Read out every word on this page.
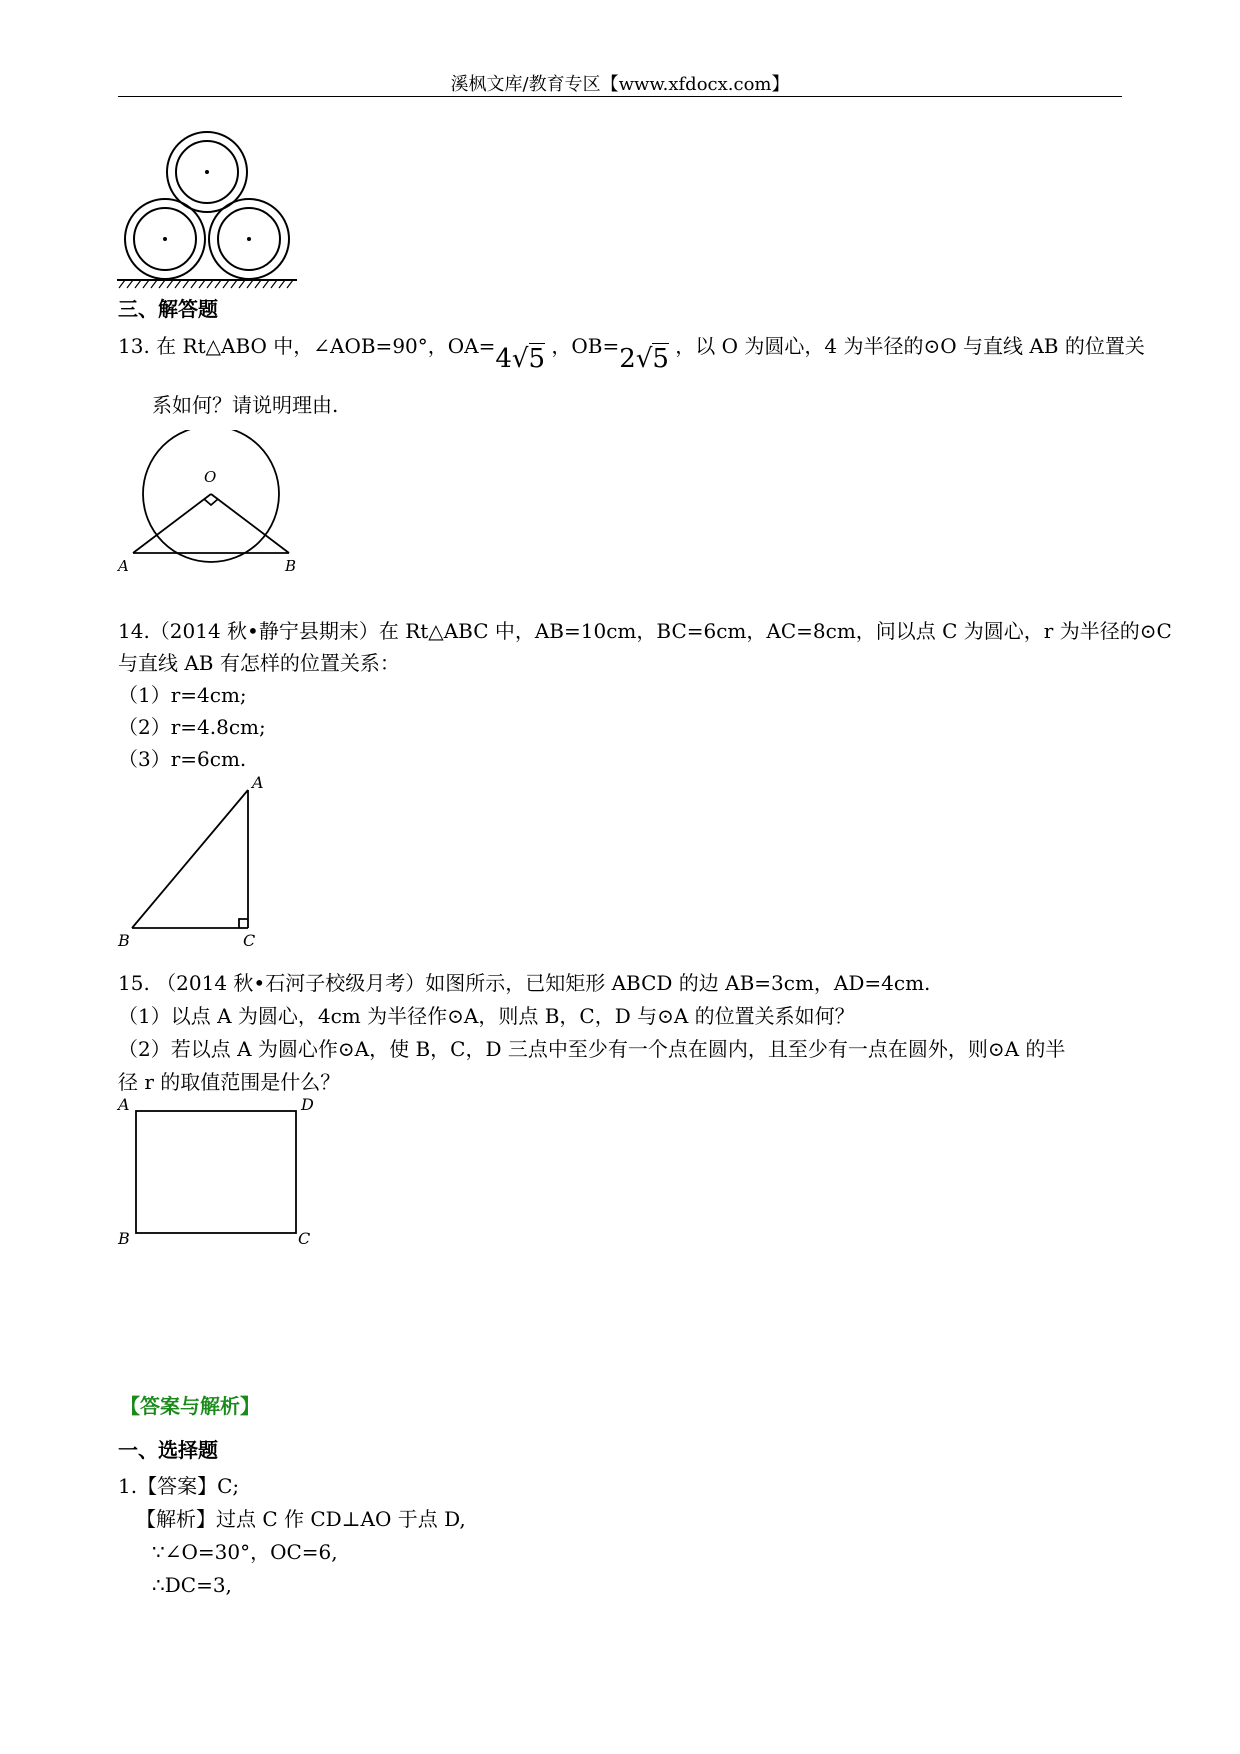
溪枫文库/教育专区【www.xfdocx.com】
三、解答题
13. 在 Rt△ABO 中，∠AOB=90°，OA=4√5 ，OB=2√5 ，以 O 为圆心，4 为半径的⊙O 与直线 AB 的位置关
系如何？请说明理由.
O
A	B
14.（2014 秋•静宁县期末）在 Rt△ABC 中，AB=10cm，BC=6cm，AC=8cm，问以点 C 为圆心，r 为半径的⊙C
与直线 AB 有怎样的位置关系：
（1）r=4cm;
（2）r=4.8cm;
（3）r=6cm.
A
B	C
15. （2014 秋•石河子校级月考）如图所示，已知矩形 ABCD 的边 AB=3cm，AD=4cm.
（1）以点 A 为圆心，4cm 为半径作⊙A，则点 B，C，D 与⊙A 的位置关系如何？
（2）若以点 A 为圆心作⊙A，使 B，C，D 三点中至少有一个点在圆内，且至少有一点在圆外，则⊙A 的半
径 r 的取值范围是什么？
A	D
B	C
【答案与解析】
一、选择题
1.【答案】C;
【解析】过点 C 作 CD⊥AO 于点 D,
∵∠O=30°，OC=6,
∴DC=3,
